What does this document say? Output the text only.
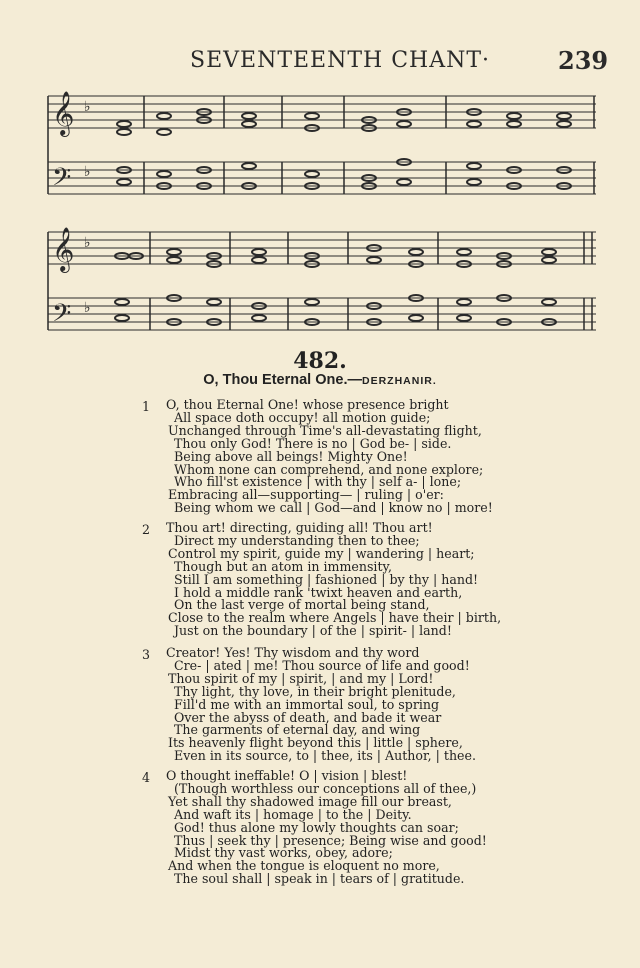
SEVENTEENTH CHANT·	239
𝄞
𝄢
♭
♭
𝄞
𝄢
♭
♭
482.
O, Thou Eternal One.—DERZHANIR.
1	O, thou Eternal One! whose presence bright
All space doth occupy! all motion guide;
Unchanged through Time's all-devastating flight,
Thou only God! There is no | God be- | side.
Being above all beings! Mighty One!
Whom none can comprehend, and none explore;
Who fill'st existence | with thy | self a- | lone;
Embracing all—supporting— | ruling | o'er:
Being whom we call | God—and | know no | more!
2	Thou art! directing, guiding all! Thou art!
Direct my understanding then to thee;
Control my spirit, guide my | wandering | heart;
Though but an atom in immensity,
Still I am something | fashioned | by thy | hand!
I hold a middle rank 'twixt heaven and earth,
On the last verge of mortal being stand,
Close to the realm where Angels | have their | birth,
Just on the boundary | of the | spirit- | land!
3	Creator! Yes! Thy wisdom and thy word
Cre- | ated | me! Thou source of life and good!
Thou spirit of my | spirit, | and my | Lord!
Thy light, thy love, in their bright plenitude,
Fill'd me with an immortal soul, to spring
Over the abyss of death, and bade it wear
The garments of eternal day, and wing
Its heavenly flight beyond this | little | sphere,
Even in its source, to | thee, its | Author, | thee.
4	O thought ineffable! O | vision | blest!
(Though worthless our conceptions all of thee,)
Yet shall thy shadowed image fill our breast,
And waft its | homage | to the | Deity.
God! thus alone my lowly thoughts can soar;
Thus | seek thy | presence; Being wise and good!
Midst thy vast works, obey, adore;
And when the tongue is eloquent no more,
The soul shall | speak in | tears of | gratitude.
